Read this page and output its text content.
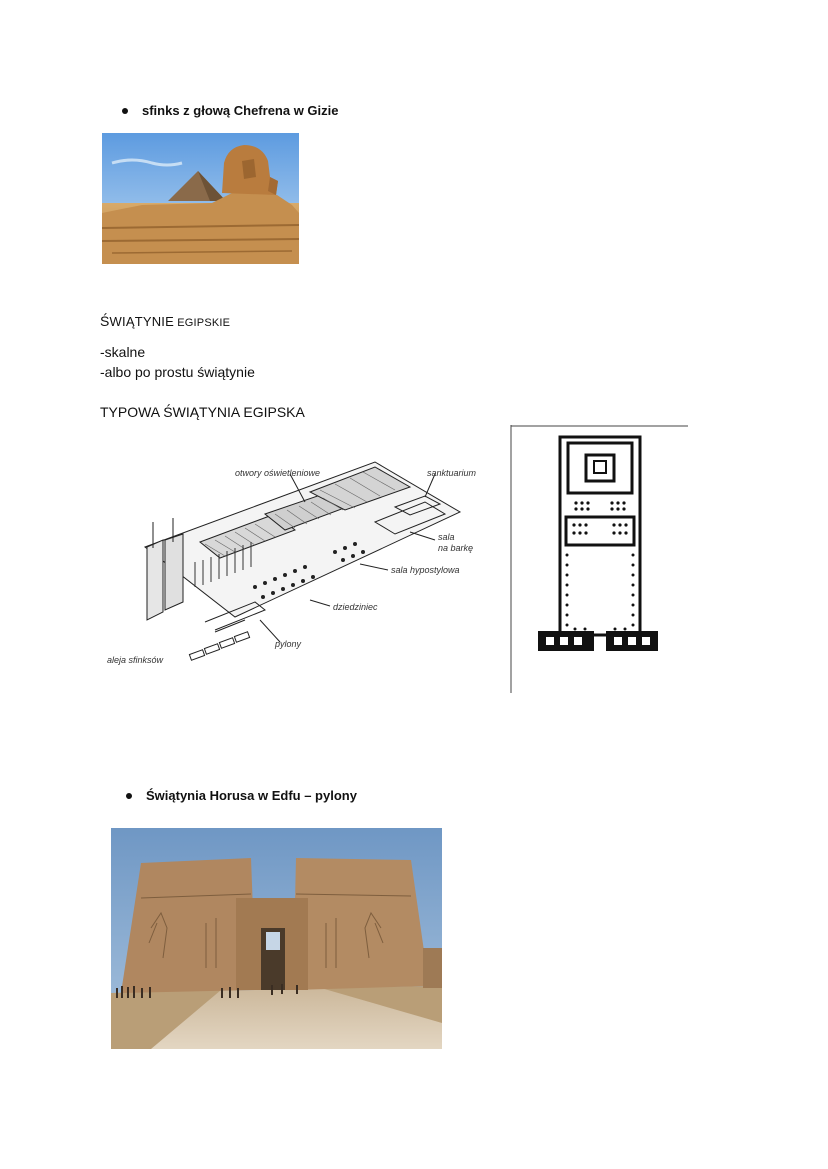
sfinks z głową Chefrena w Gizie
ŚWIĄTYNIE EGIPSKIE
-skalne
-albo po prostu świątynie
TYPOWA ŚWIĄTYNIA EGIPSKA
otwory oświetleniowe	sanktuarium
sala
na barkę
sala hypostylowa
dziedziniec
pylony
aleja sfinksów
Świątynia Horusa w Edfu – pylony
